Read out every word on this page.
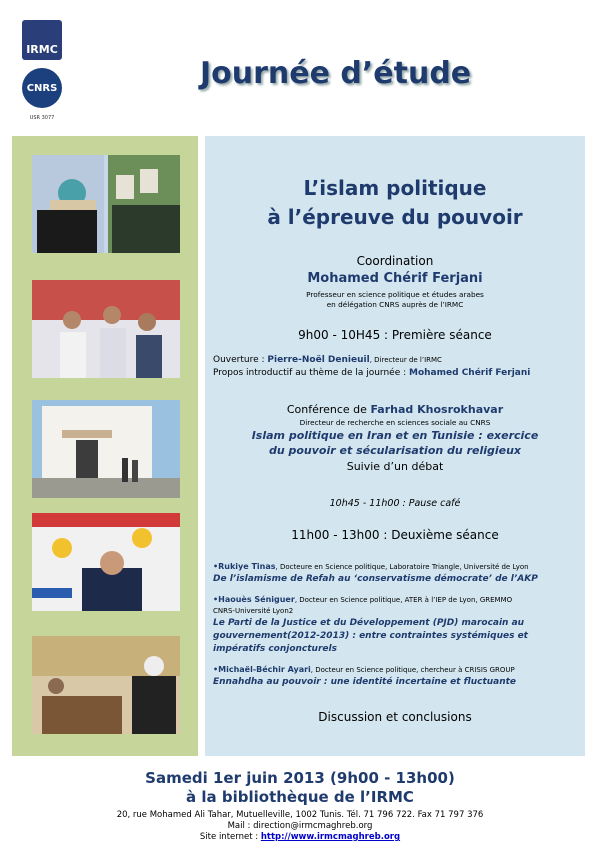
IRMC
CNRS
USR 3077
Journée d’étude
L’islam politique
à l’épreuve du pouvoir
Coordination
Mohamed Chérif Ferjani
Professeur en science politique et études arabes
en délégation CNRS auprès de l’IRMC
9h00 - 10H45 : Première séance
Ouverture : Pierre-Noël Denieuil, Directeur de l’IRMC
Propos introductif au thème de la journée : Mohamed Chérif Ferjani
Conférence de Farhad Khosrokhavar
Directeur de recherche en sciences sociale au CNRS
Islam politique en Iran et en Tunisie : exercice
du pouvoir et sécularisation du religieux
Suivie d’un débat
10h45 - 11h00 : Pause café
11h00 - 13h00 : Deuxième séance
•Rukiye Tinas, Docteure en Science politique, Laboratoire Triangle, Université de Lyon
De l’islamisme de Refah au ‘conservatisme démocrate’ de l’AKP
•Haouès Séniguer, Docteur en Science politique, ATER à l’IEP de Lyon, GREMMO
CNRS-Université Lyon2
Le Parti de la Justice et du Développement (PJD) marocain au
gouvernement(2012-2013) : entre contraintes systémiques et
impératifs conjoncturels
•Michaël-Béchir Ayari, Docteur en Science politique, chercheur à CRISIS GROUP
Ennahdha au pouvoir : une identité incertaine et fluctuante
Discussion et conclusions
Samedi 1er juin 2013 (9h00 - 13h00)
à la bibliothèque de l’IRMC
20, rue Mohamed Ali Tahar, Mutuelleville, 1002 Tunis. Tél. 71 796 722. Fax 71 797 376
Mail : direction@irmcmaghreb.org
Site internet : http://www.irmcmaghreb.org
